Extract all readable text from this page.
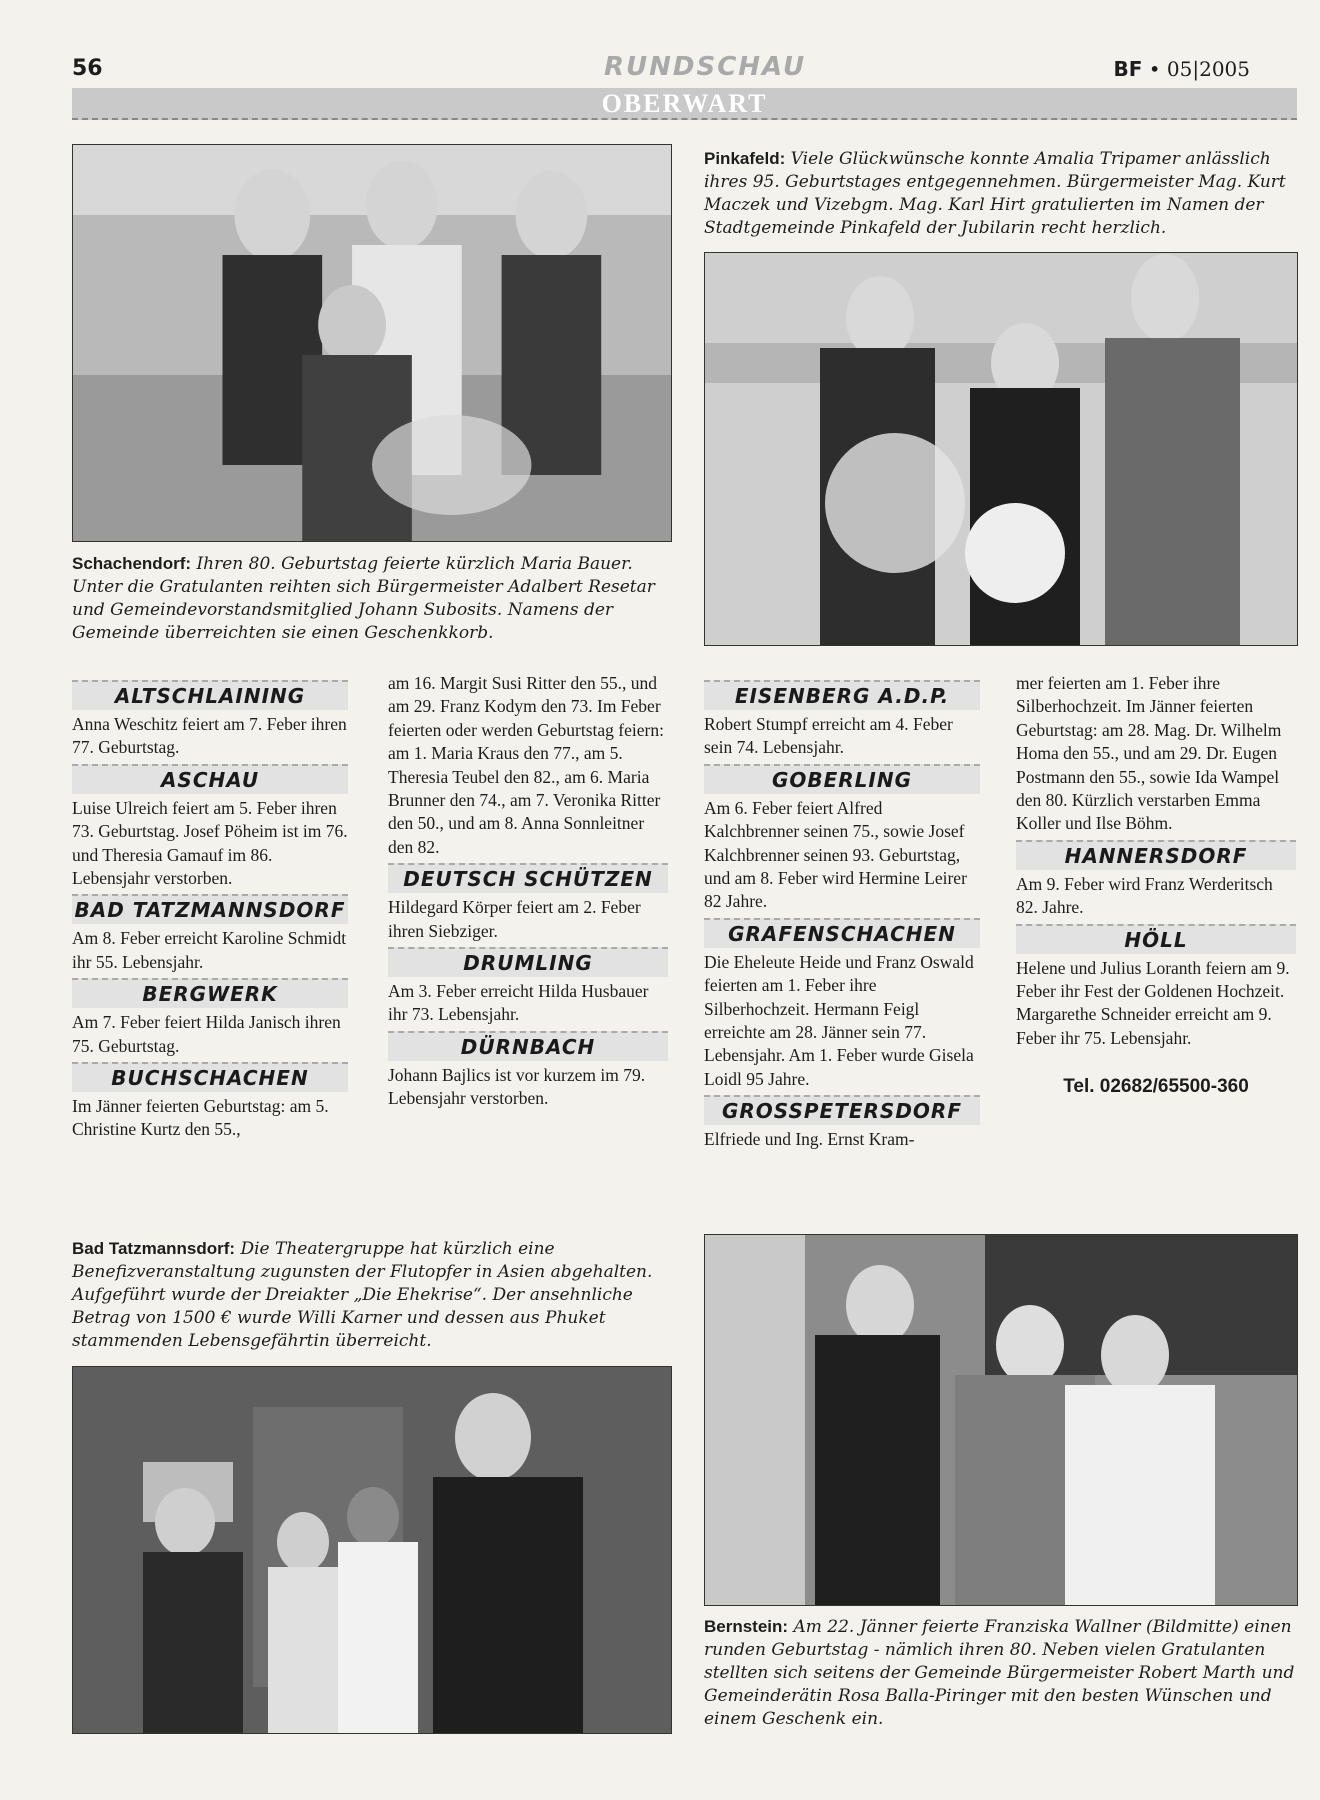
56	RUNDSCHAU	BF • 05|2005
OBERWART
Pinkafeld: Viele Glückwünsche konnte Amalia Tripamer anlässlich ihres 95. Geburtstages entgegennehmen. Bürgermeister Mag. Kurt Maczek und Vizebgm. Mag. Karl Hirt gratulierten im Namen der Stadtgemeinde Pinkafeld der Jubilarin recht herzlich.
Schachendorf: Ihren 80. Geburtstag feierte kürzlich Maria Bauer. Unter die Gratulanten reihten sich Bürgermeister Adalbert Resetar und Gemeindevorstandsmitglied Johann Subosits. Namens der Gemeinde überreichten sie einen Geschenkkorb.
ALTSCHLAINING

Anna Weschitz feiert am 7. Feber ihren 77. Geburtstag.

ASCHAU

Luise Ulreich feiert am 5. Feber ihren 73. Geburtstag. Josef Pöheim ist im 76. und Theresia Gamauf im 86. Lebensjahr verstorben.

BAD TATZMANNSDORF

Am 8. Feber erreicht Karoline Schmidt ihr 55. Lebensjahr.

BERGWERK

Am 7. Feber feiert Hilda Janisch ihren 75. Geburtstag.

BUCHSCHACHEN

Im Jänner feierten Geburtstag: am 5. Christine Kurtz den 55.,

am 16. Margit Susi Ritter den 55., und am 29. Franz Kodym den 73. Im Feber feierten oder werden Geburtstag feiern: am 1. Maria Kraus den 77., am 5. Theresia Teubel den 82., am 6. Maria Brunner den 74., am 7. Veronika Ritter den 50., und am 8. Anna Sonnleitner den 82.

DEUTSCH SCHÜTZEN

Hildegard Körper feiert am 2. Feber ihren Siebziger.

DRUMLING

Am 3. Feber erreicht Hilda Husbauer ihr 73. Lebensjahr.

DÜRNBACH

Johann Bajlics ist vor kurzem im 79. Lebensjahr verstorben.

EISENBERG A.D.P.

Robert Stumpf erreicht am 4. Feber sein 74. Lebensjahr.

GOBERLING

Am 6. Feber feiert Alfred Kalchbrenner seinen 75., sowie Josef Kalchbrenner seinen 93. Geburtstag, und am 8. Feber wird Hermine Leirer 82 Jahre.

GRAFENSCHACHEN

Die Eheleute Heide und Franz Oswald feierten am 1. Feber ihre Silberhochzeit. Hermann Feigl erreichte am 28. Jänner sein 77. Lebensjahr. Am 1. Feber wurde Gisela Loidl 95 Jahre.

GROSSPETERSDORF

Elfriede und Ing. Ernst Kram-

mer feierten am 1. Feber ihre Silberhochzeit. Im Jänner feierten Geburtstag: am 28. Mag. Dr. Wilhelm Homa den 55., und am 29. Dr. Eugen Postmann den 55., sowie Ida Wampel den 80. Kürzlich verstarben Emma Koller und Ilse Böhm.

HANNERSDORF

Am 9. Feber wird Franz Werderitsch 82. Jahre.

HÖLL

Helene und Julius Loranth feiern am 9. Feber ihr Fest der Goldenen Hochzeit. Margarethe Schneider erreicht am 9. Feber ihr 75. Lebensjahr.

Tel. 02682/65500-360
Bad Tatzmannsdorf: Die Theatergruppe hat kürzlich eine Benefizveranstaltung zugunsten der Flutopfer in Asien abgehalten. Aufgeführt wurde der Dreiakter „Die Ehekrise“. Der ansehnliche Betrag von 1500 € wurde Willi Karner und dessen aus Phuket stammenden Lebensgefährtin überreicht.
Bernstein: Am 22. Jänner feierte Franziska Wallner (Bildmitte) einen runden Geburtstag - nämlich ihren 80. Neben vielen Gratulanten stellten sich seitens der Gemeinde Bürgermeister Robert Marth und Gemeinderätin Rosa Balla-Piringer mit den besten Wünschen und einem Geschenk ein.
